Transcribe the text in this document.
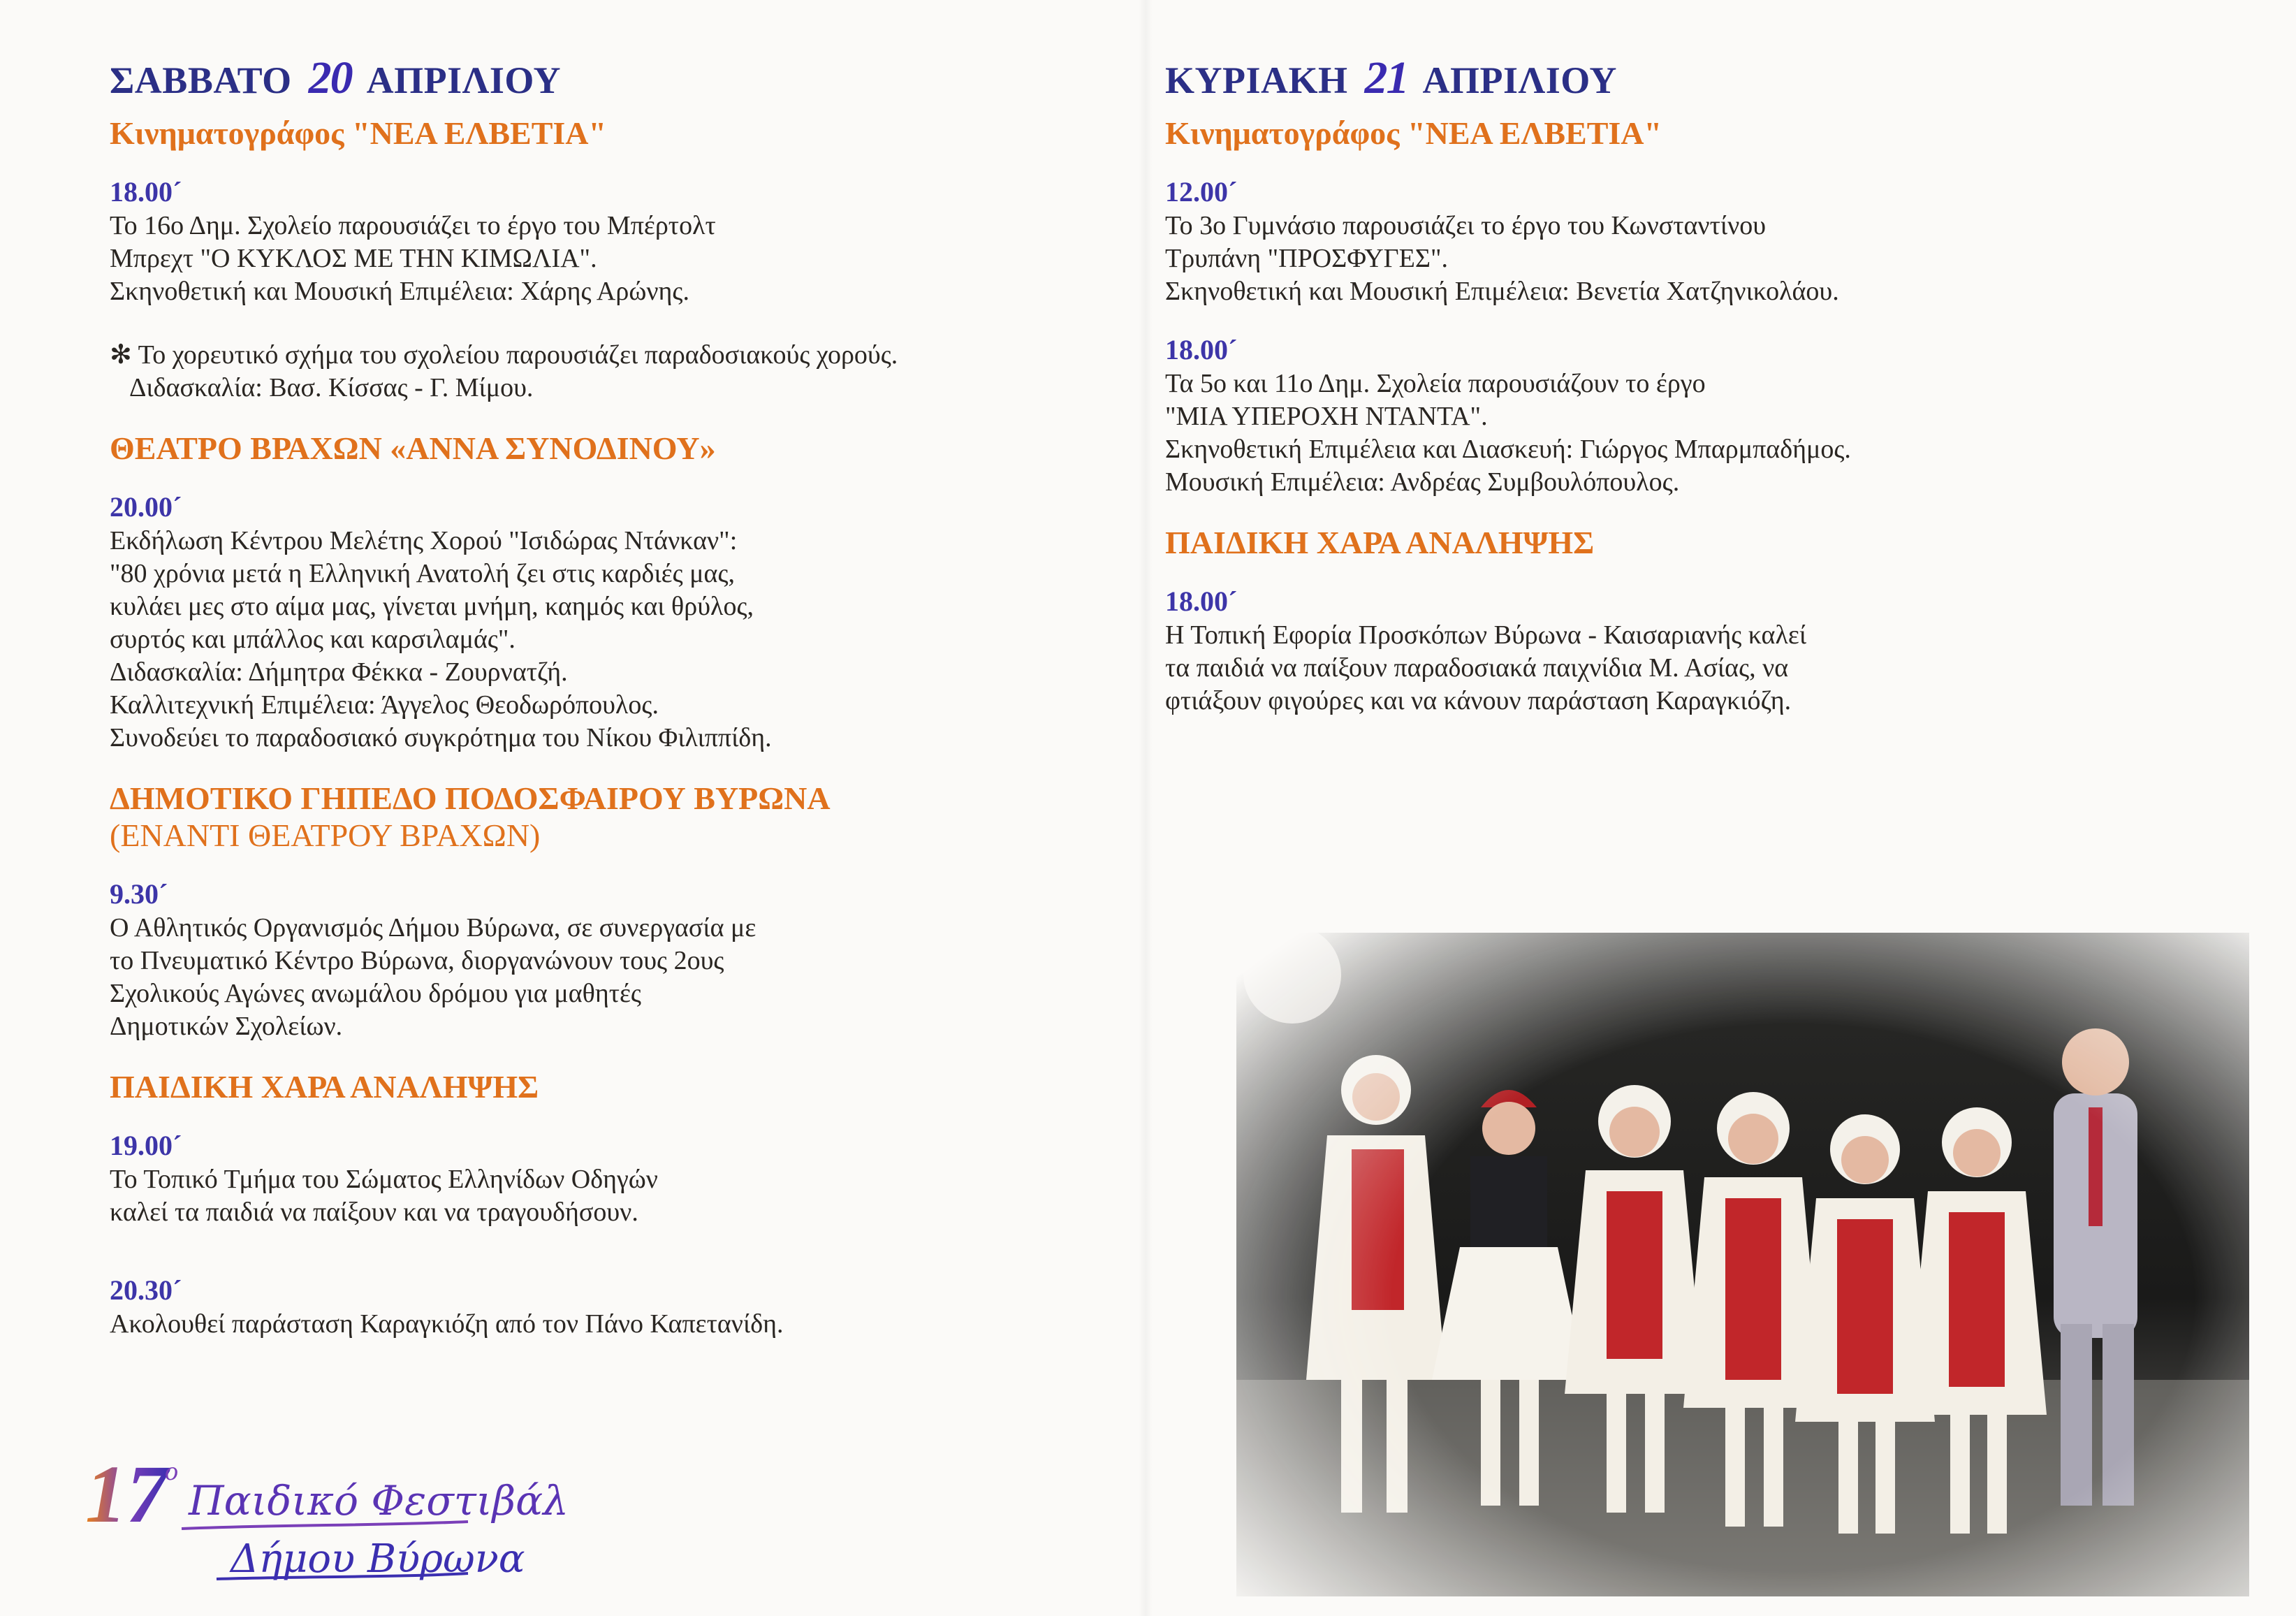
ΣΑΒΒΑΤΟ 20 ΑΠΡΙΛΙΟΥ
Κινηματογράφος "ΝΕΑ ΕΛΒΕΤΙΑ"
18.00´
Το 16ο Δημ. Σχολείο παρουσιάζει το έργο του Μπέρτολτ
Μπρεχτ "Ο ΚΥΚΛΟΣ ΜΕ ΤΗΝ ΚΙΜΩΛΙΑ".
Σκηνοθετική και Μουσική Επιμέλεια: Χάρης Αρώνης.
✻ Το χορευτικό σχήμα του σχολείου παρουσιάζει παραδοσιακούς χορούς.
Διδασκαλία: Βασ. Κίσσας - Γ. Μίμου.
ΘΕΑΤΡΟ ΒΡΑΧΩΝ «ΑΝΝΑ ΣΥΝΟΔΙΝΟΥ»
20.00´
Εκδήλωση Κέντρου Μελέτης Χορού "Ισιδώρας Ντάνκαν":
"80 χρόνια μετά η Ελληνική Ανατολή ζει στις καρδιές μας,
κυλάει μες στο αίμα μας, γίνεται μνήμη, καημός και θρύλος,
συρτός και μπάλλος και καρσιλαμάς".
Διδασκαλία: Δήμητρα Φέκκα - Ζουρνατζή.
Καλλιτεχνική Επιμέλεια: Άγγελος Θεοδωρόπουλος.
Συνοδεύει το παραδοσιακό συγκρότημα του Νίκου Φιλιππίδη.
ΔΗΜΟΤΙΚΟ ΓΗΠΕΔΟ ΠΟΔΟΣΦΑΙΡΟΥ ΒΥΡΩΝΑ
(ΕΝΑΝΤΙ ΘΕΑΤΡΟΥ ΒΡΑΧΩΝ)
9.30´
Ο Αθλητικός Οργανισμός Δήμου Βύρωνα, σε συνεργασία με
το Πνευματικό Κέντρο Βύρωνα, διοργανώνουν τους 2ους
Σχολικούς Αγώνες ανωμάλου δρόμου για μαθητές
Δημοτικών Σχολείων.
ΠΑΙΔΙΚΗ ΧΑΡΑ ΑΝΑΛΗΨΗΣ
19.00´
Το Τοπικό Τμήμα του Σώματος Ελληνίδων Οδηγών
καλεί τα παιδιά να παίξουν και να τραγουδήσουν.
20.30´
Ακολουθεί παράσταση Καραγκιόζη από τον Πάνο Καπετανίδη.
17
ο
Παιδικό Φεστιβάλ
Δήμου Βύρωνα
ΚΥΡΙΑΚΗ 21 ΑΠΡΙΛΙΟΥ
Κινηματογράφος "ΝΕΑ ΕΛΒΕΤΙΑ"
12.00´
Το 3ο Γυμνάσιο παρουσιάζει το έργο του Κωνσταντίνου
Τρυπάνη "ΠΡΟΣΦΥΓΕΣ".
Σκηνοθετική και Μουσική Επιμέλεια: Βενετία Χατζηνικολάου.
18.00´
Τα 5ο και 11ο Δημ. Σχολεία παρουσιάζουν το έργο
"ΜΙΑ ΥΠΕΡΟΧΗ ΝΤΑΝΤΑ".
Σκηνοθετική Επιμέλεια και Διασκευή: Γιώργος Μπαρμπαδήμος.
Μουσική Επιμέλεια: Ανδρέας Συμβουλόπουλος.
ΠΑΙΔΙΚΗ ΧΑΡΑ ΑΝΑΛΗΨΗΣ
18.00´
Η Τοπική Εφορία Προσκόπων Βύρωνα - Καισαριανής καλεί
τα παιδιά να παίξουν παραδοσιακά παιχνίδια Μ. Ασίας, να
φτιάξουν φιγούρες και να κάνουν παράσταση Καραγκιόζη.
